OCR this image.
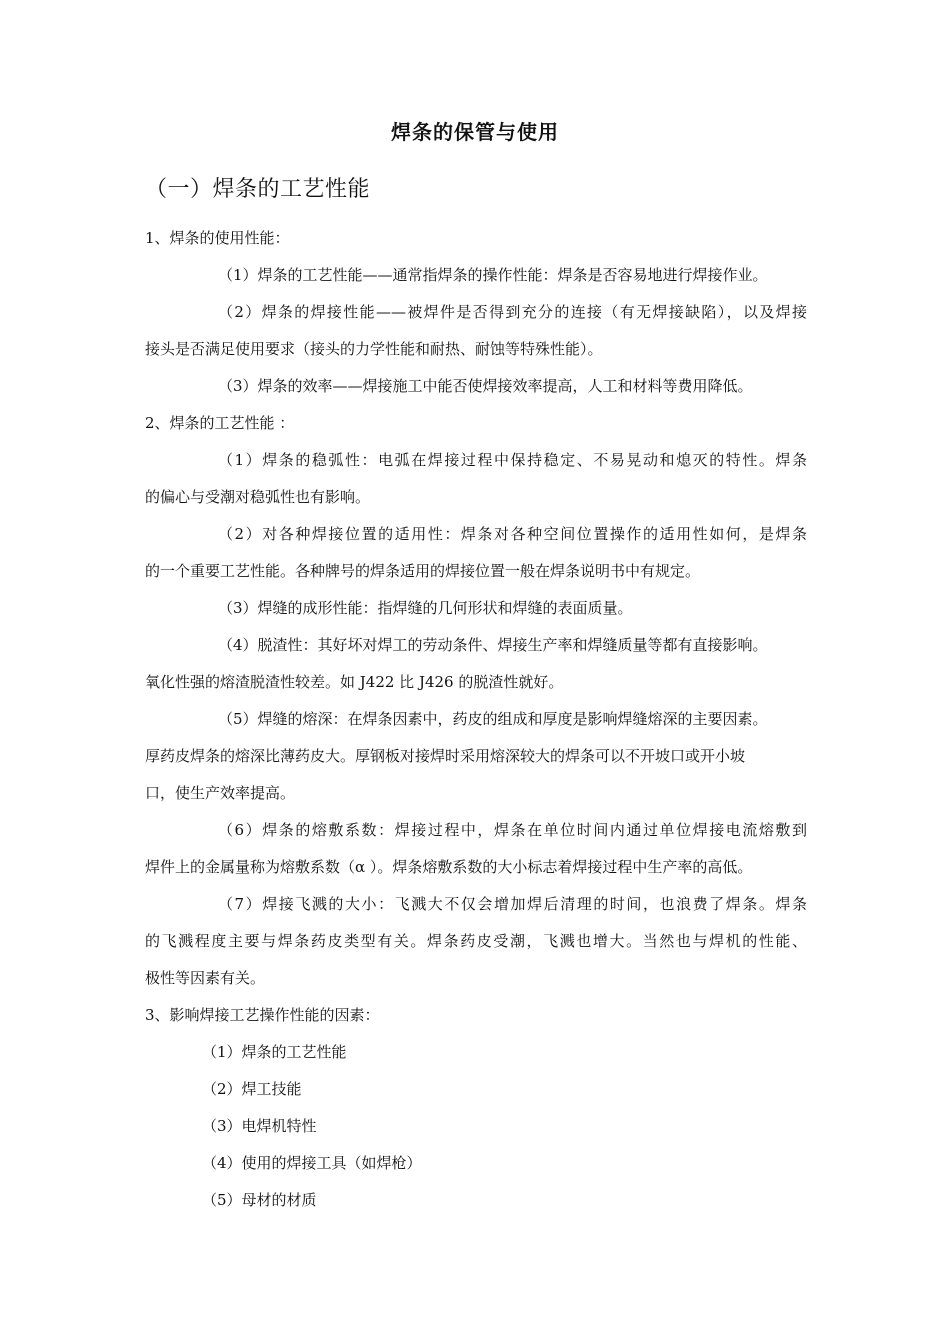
焊条的保管与使用
（一）焊条的工艺性能
1、焊条的使用性能：
（1）焊条的工艺性能——通常指焊条的操作性能：焊条是否容易地进行焊接作业。
（2）焊条的焊接性能——被焊件是否得到充分的连接（有无焊接缺陷），以及焊接
接头是否满足使用要求（接头的力学性能和耐热、耐蚀等特殊性能）。
（3）焊条的效率——焊接施工中能否使焊接效率提高，人工和材料等费用降低。
2、焊条的工艺性能 ：
（1）焊条的稳弧性：电弧在焊接过程中保持稳定、不易晃动和熄灭的特性。焊条
的偏心与受潮对稳弧性也有影响。
（2）对各种焊接位置的适用性：焊条对各种空间位置操作的适用性如何，是焊条
的一个重要工艺性能。各种牌号的焊条适用的焊接位置一般在焊条说明书中有规定。
（3）焊缝的成形性能：指焊缝的几何形状和焊缝的表面质量。
（4）脱渣性：其好坏对焊工的劳动条件、焊接生产率和焊缝质量等都有直接影响。
氧化性强的熔渣脱渣性较差。如 J422 比 J426 的脱渣性就好。
（5）焊缝的熔深：在焊条因素中，药皮的组成和厚度是影响焊缝熔深的主要因素。
厚药皮焊条的熔深比薄药皮大。厚钢板对接焊时采用熔深较大的焊条可以不开坡口或开小坡
口，使生产效率提高。
（6）焊条的熔敷系数：焊接过程中，焊条在单位时间内通过单位焊接电流熔敷到
焊件上的金属量称为熔敷系数（α ）。焊条熔敷系数的大小标志着焊接过程中生产率的高低。
（7）焊接飞溅的大小：飞溅大不仅会增加焊后清理的时间，也浪费了焊条。焊条
的飞溅程度主要与焊条药皮类型有关。焊条药皮受潮，飞溅也增大。当然也与焊机的性能、
极性等因素有关。
3、影响焊接工艺操作性能的因素：
（1）焊条的工艺性能
（2）焊工技能
（3）电焊机特性
（4）使用的焊接工具（如焊枪）
（5）母材的材质
